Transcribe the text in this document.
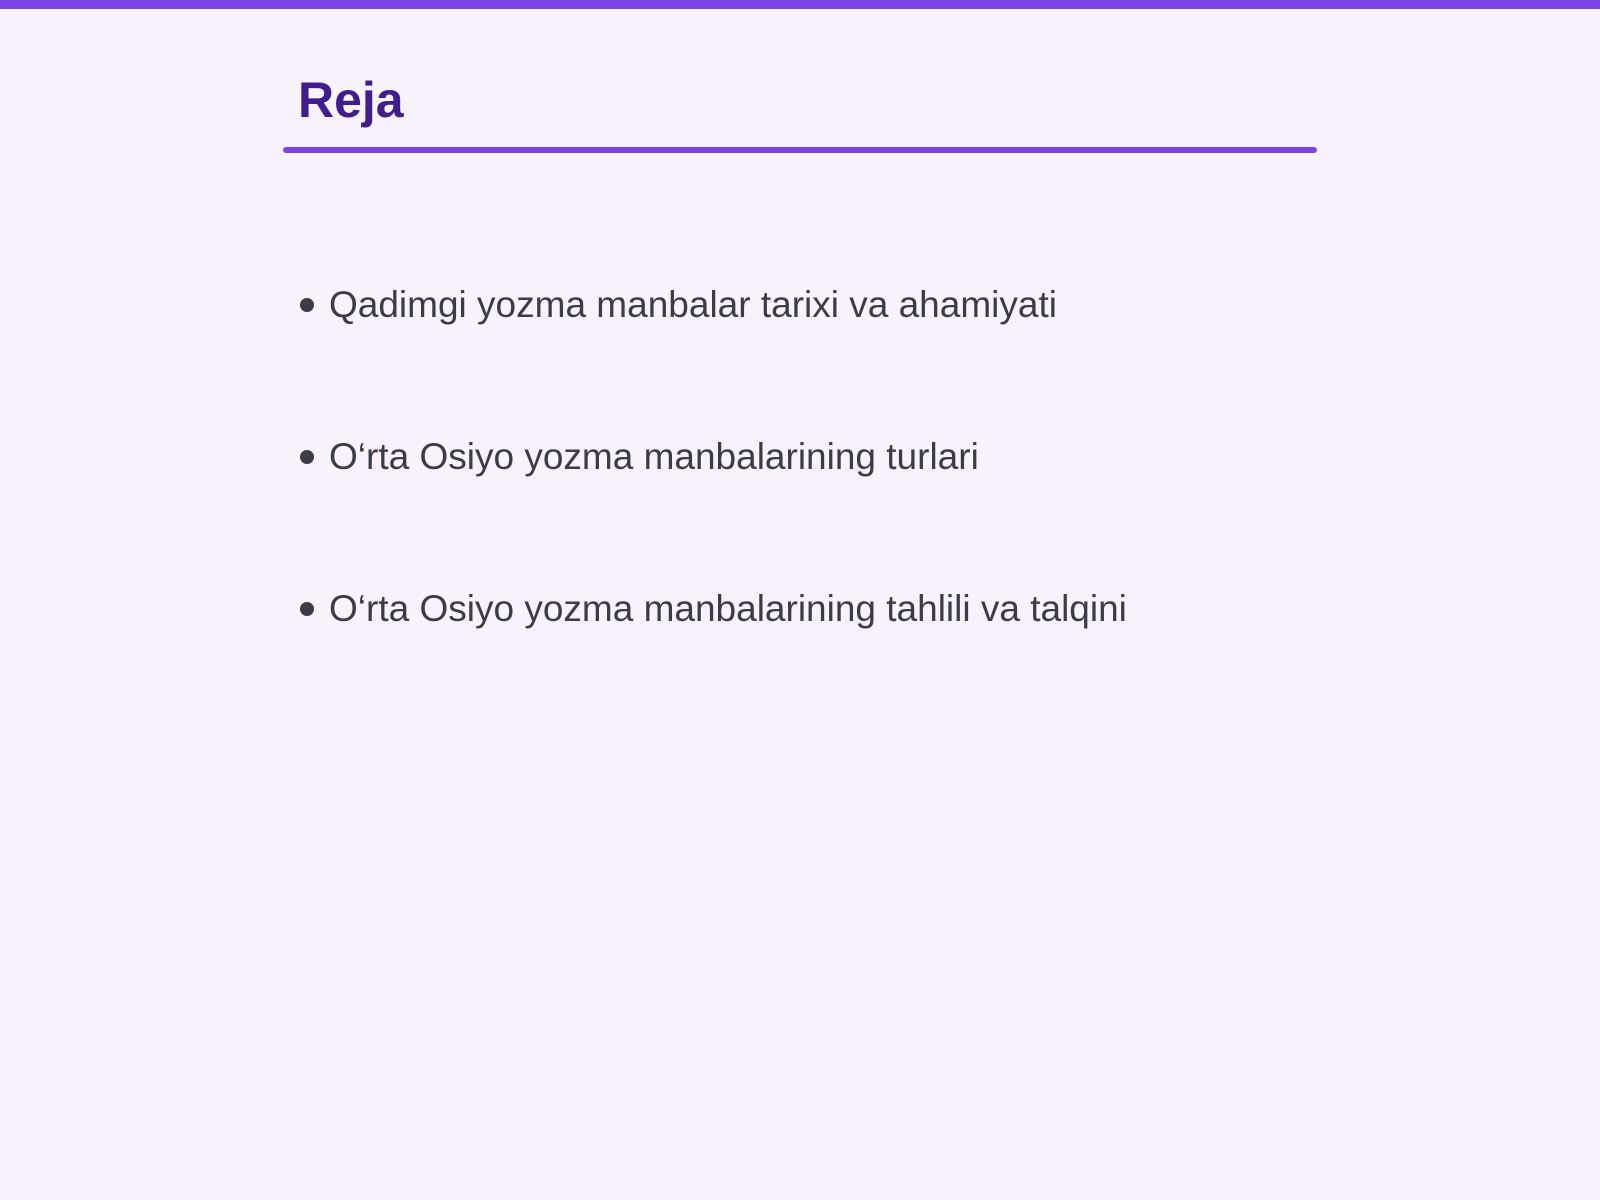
Reja
Qadimgi yozma manbalar tarixi va ahamiyati
O‘rta Osiyo yozma manbalarining turlari
O‘rta Osiyo yozma manbalarining tahlili va talqini
